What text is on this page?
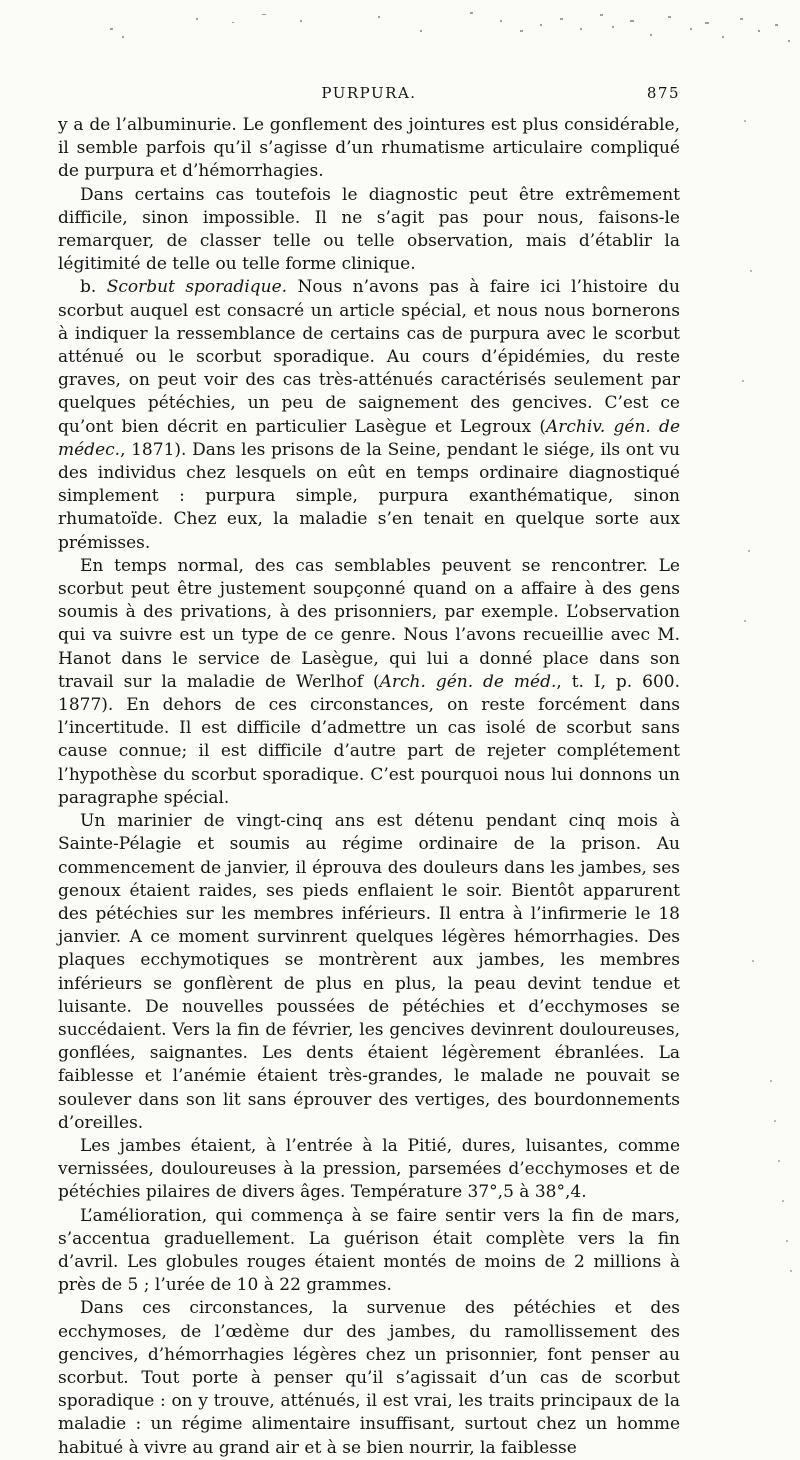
PURPURA.	875

y a de l’albuminurie. Le gonflement des jointures est plus considérable, il semble parfois qu’il s’agisse d’un rhumatisme articulaire compliqué de purpura et d’hémorrhagies.

Dans certains cas toutefois le diagnostic peut être extrêmement difficile, sinon impossible. Il ne s’agit pas pour nous, faisons-le remarquer, de classer telle ou telle observation, mais d’établir la légitimité de telle ou telle forme clinique.

b. Scorbut sporadique. Nous n’avons pas à faire ici l’histoire du scorbut auquel est consacré un article spécial, et nous nous bornerons à indiquer la ressemblance de certains cas de purpura avec le scorbut atténué ou le scorbut sporadique. Au cours d’épidémies, du reste graves, on peut voir des cas très-atténués caractérisés seulement par quelques pétéchies, un peu de saignement des gencives. C’est ce qu’ont bien décrit en particulier Lasègue et Legroux (Archiv. gén. de médec., 1871). Dans les prisons de la Seine, pendant le siége, ils ont vu des individus chez lesquels on eût en temps ordinaire diagnostiqué simplement : purpura simple, purpura exanthématique, sinon rhumatoïde. Chez eux, la maladie s’en tenait en quelque sorte aux prémisses.

En temps normal, des cas semblables peuvent se rencontrer. Le scorbut peut être justement soupçonné quand on a affaire à des gens soumis à des privations, à des prisonniers, par exemple. L’observation qui va suivre est un type de ce genre. Nous l’avons recueillie avec M. Hanot dans le service de Lasègue, qui lui a donné place dans son travail sur la maladie de Werlhof (Arch. gén. de méd., t. I, p. 600. 1877). En dehors de ces circonstances, on reste forcément dans l’incertitude. Il est difficile d’admettre un cas isolé de scorbut sans cause connue; il est difficile d’autre part de rejeter complétement l’hypothèse du scorbut sporadique. C’est pourquoi nous lui donnons un paragraphe spécial.

Un marinier de vingt-cinq ans est détenu pendant cinq mois à Sainte-Pélagie et soumis au régime ordinaire de la prison. Au commencement de janvier, il éprouva des douleurs dans les jambes, ses genoux étaient raides, ses pieds enflaient le soir. Bientôt apparurent des pétéchies sur les membres inférieurs. Il entra à l’infirmerie le 18 janvier. A ce moment survinrent quelques légères hémorrhagies. Des plaques ecchymotiques se montrèrent aux jambes, les membres inférieurs se gonflèrent de plus en plus, la peau devint tendue et luisante. De nouvelles poussées de pétéchies et d’ecchymoses se succédaient. Vers la fin de février, les gencives devinrent douloureuses, gonflées, saignantes. Les dents étaient légèrement ébranlées. La faiblesse et l’anémie étaient très-grandes, le malade ne pouvait se soulever dans son lit sans éprouver des vertiges, des bourdonnements d’oreilles.

Les jambes étaient, à l’entrée à la Pitié, dures, luisantes, comme vernissées, douloureuses à la pression, parsemées d’ecchymoses et de pétéchies pilaires de divers âges. Température 37°,5 à 38°,4.

L’amélioration, qui commença à se faire sentir vers la fin de mars, s’accentua graduellement. La guérison était complète vers la fin d’avril. Les globules rouges étaient montés de moins de 2 millions à près de 5 ; l’urée de 10 à 22 grammes.

Dans ces circonstances, la survenue des pétéchies et des ecchymoses, de l’œdème dur des jambes, du ramollissement des gencives, d’hémorrhagies légères chez un prisonnier, font penser au scorbut. Tout porte à penser qu’il s’agissait d’un cas de scorbut sporadique : on y trouve, atténués, il est vrai, les traits principaux de la maladie : un régime alimentaire insuffisant, surtout chez un homme habitué à vivre au grand air et à se bien nourrir, la faiblesse
